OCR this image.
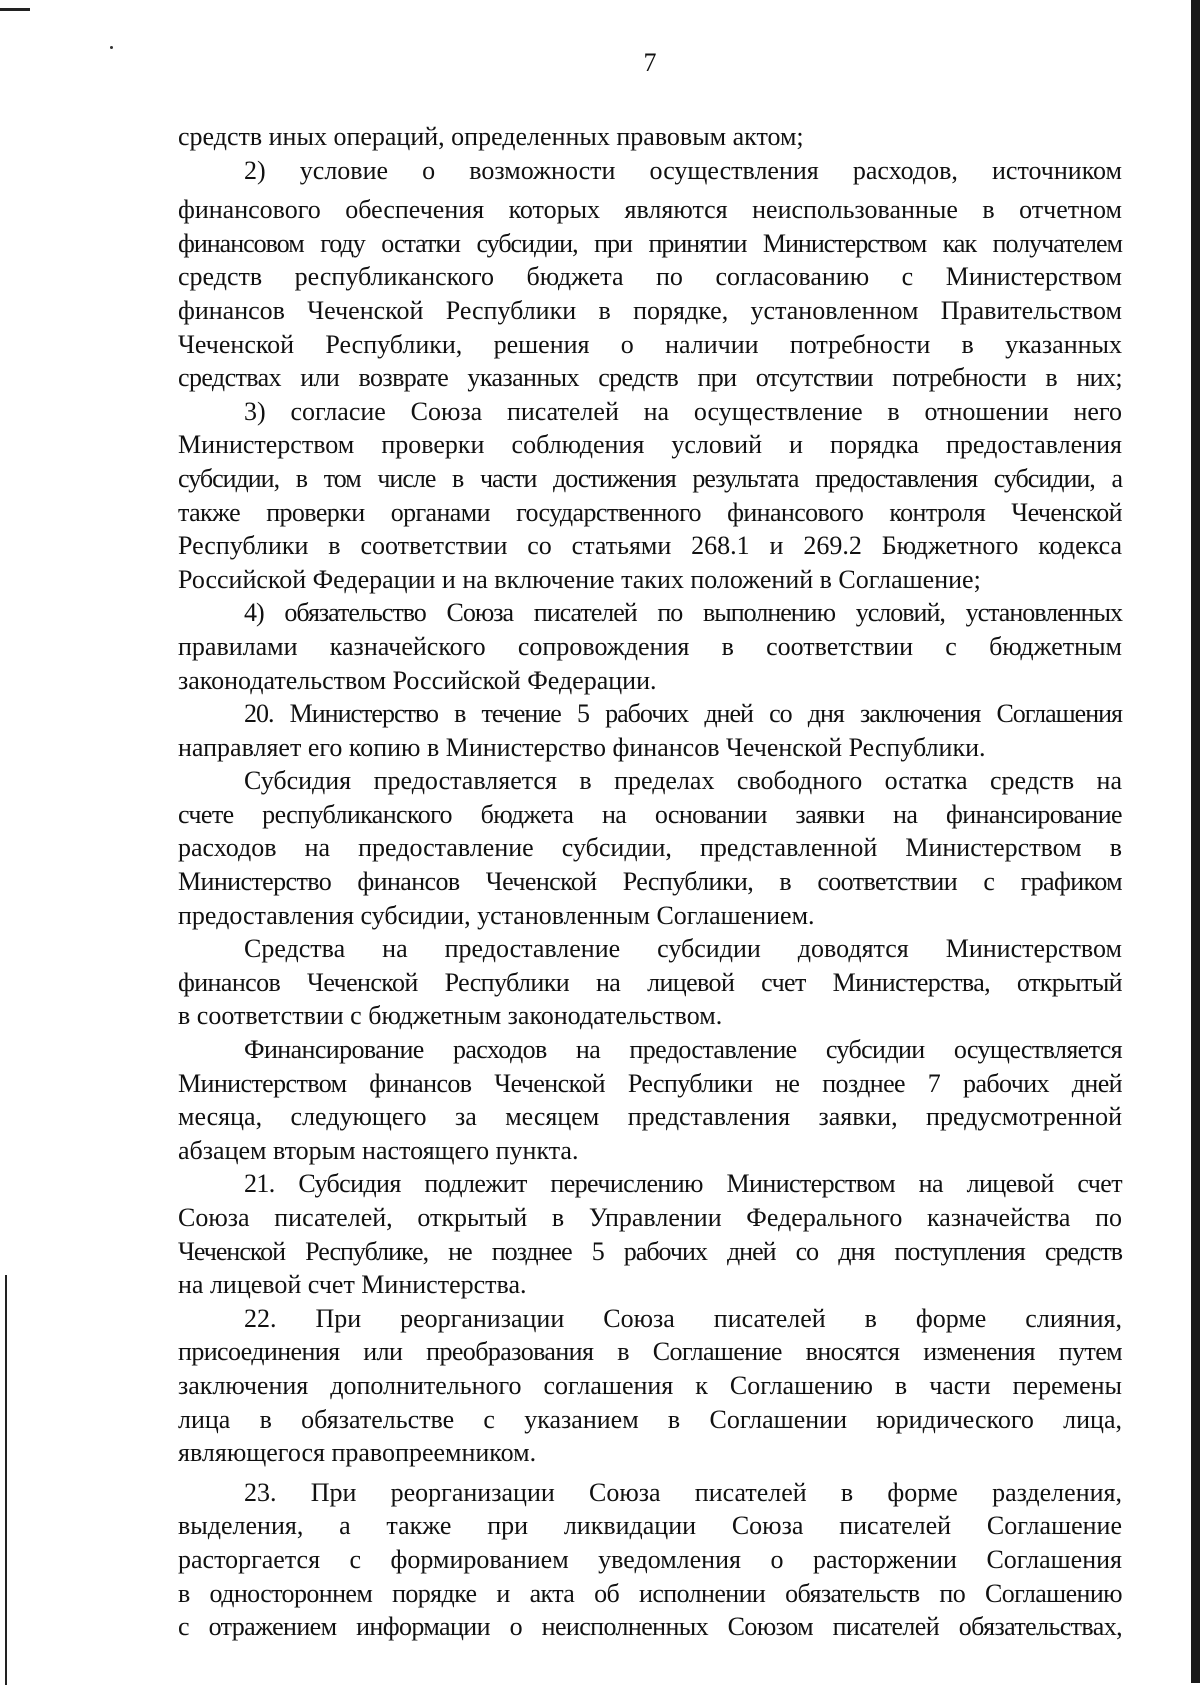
7
средств иных операций, определенных правовым актом;
2) условие о возможности осуществления расходов, источником
финансового обеспечения которых являются неиспользованные в отчетном
финансовом году остатки субсидии, при принятии Министерством как получателем
средств республиканского бюджета по согласованию с Министерством
финансов Чеченской Республики в порядке, установленном Правительством
Чеченской Республики, решения о наличии потребности в указанных
средствах или возврате указанных средств при отсутствии потребности в них;
3) согласие Союза писателей на осуществление в отношении него
Министерством проверки соблюдения условий и порядка предоставления
субсидии, в том числе в части достижения результата предоставления субсидии, а
также проверки органами государственного финансового контроля Чеченской
Республики в соответствии со статьями 268.1 и 269.2 Бюджетного кодекса
Российской Федерации и на включение таких положений в Соглашение;
4) обязательство Союза писателей по выполнению условий, установленных
правилами казначейского сопровождения в соответствии с бюджетным
законодательством Российской Федерации.
20. Министерство в течение 5 рабочих дней со дня заключения Соглашения
направляет его копию в Министерство финансов Чеченской Республики.
Субсидия предоставляется в пределах свободного остатка средств на
счете республиканского бюджета на основании заявки на финансирование
расходов на предоставление субсидии, представленной Министерством в
Министерство финансов Чеченской Республики, в соответствии с графиком
предоставления субсидии, установленным Соглашением.
Средства на предоставление субсидии доводятся Министерством
финансов Чеченской Республики на лицевой счет Министерства, открытый
в соответствии с бюджетным законодательством.
Финансирование расходов на предоставление субсидии осуществляется
Министерством финансов Чеченской Республики не позднее 7 рабочих дней
месяца, следующего за месяцем представления заявки, предусмотренной
абзацем вторым настоящего пункта.
21. Субсидия подлежит перечислению Министерством на лицевой счет
Союза писателей, открытый в Управлении Федерального казначейства по
Чеченской Республике, не позднее 5 рабочих дней со дня поступления средств
на лицевой счет Министерства.
22. При реорганизации Союза писателей в форме слияния,
присоединения или преобразования в Соглашение вносятся изменения путем
заключения дополнительного соглашения к Соглашению в части перемены
лица в обязательстве с указанием в Соглашении юридического лица,
являющегося правопреемником.
23. При реорганизации Союза писателей в форме разделения,
выделения, а также при ликвидации Союза писателей Соглашение
расторгается с формированием уведомления о расторжении Соглашения
в одностороннем порядке и акта об исполнении обязательств по Соглашению
с отражением информации о неисполненных Союзом писателей обязательствах,
